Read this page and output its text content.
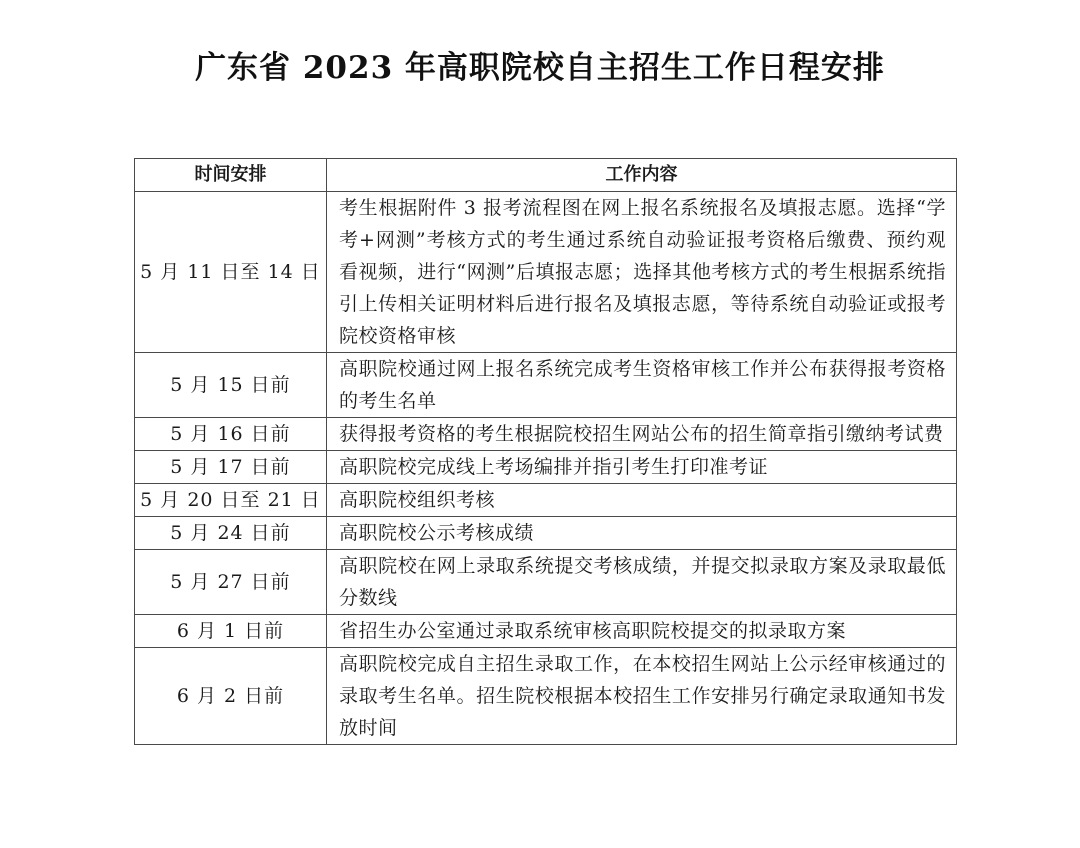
广东省 2023 年高职院校自主招生工作日程安排
时间安排	工作内容
5 月 11 日至 14 日	考生根据附件 3 报考流程图在网上报名系统报名及填报志愿。选择“学考+网测”考核方式的考生通过系统自动验证报考资格后缴费、预约观看视频，进行“网测”后填报志愿；选择其他考核方式的考生根据系统指引上传相关证明材料后进行报名及填报志愿，等待系统自动验证或报考院校资格审核
5 月 15 日前	高职院校通过网上报名系统完成考生资格审核工作并公布获得报考资格的考生名单
5 月 16 日前	获得报考资格的考生根据院校招生网站公布的招生简章指引缴纳考试费
5 月 17 日前	高职院校完成线上考场编排并指引考生打印准考证
5 月 20 日至 21 日	高职院校组织考核
5 月 24 日前	高职院校公示考核成绩
5 月 27 日前	高职院校在网上录取系统提交考核成绩，并提交拟录取方案及录取最低分数线
6 月 1 日前	省招生办公室通过录取系统审核高职院校提交的拟录取方案
6 月 2 日前	高职院校完成自主招生录取工作，在本校招生网站上公示经审核通过的录取考生名单。招生院校根据本校招生工作安排另行确定录取通知书发放时间
